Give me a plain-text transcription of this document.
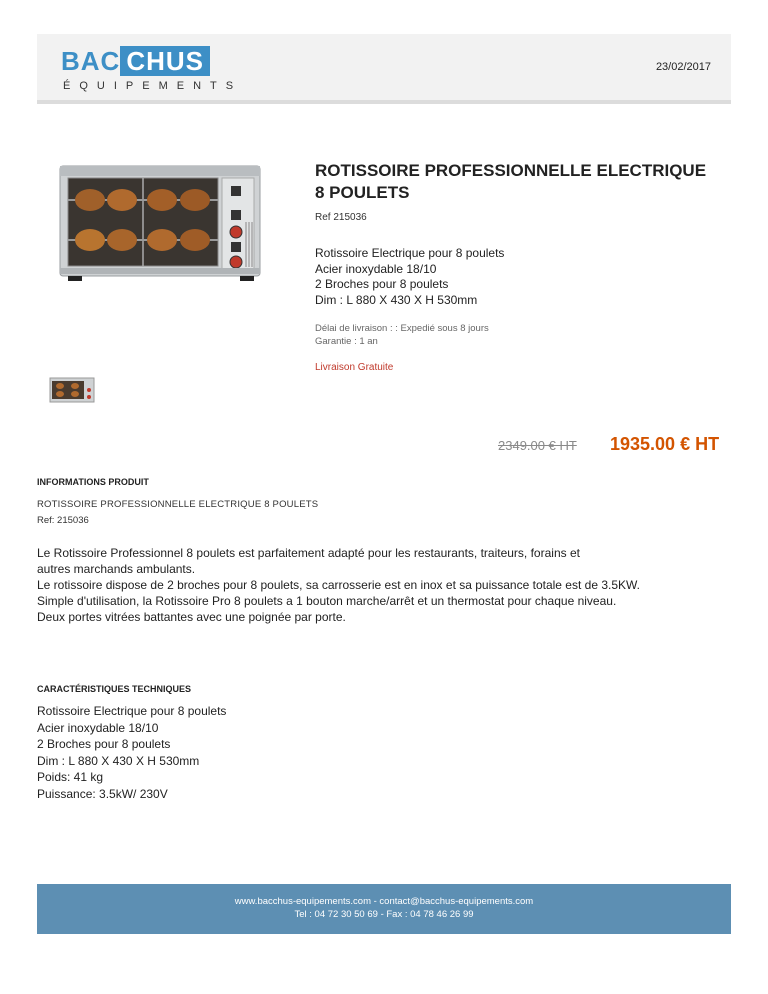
BAC CHUS
ÉQUIPEMENTS
23/02/2017
ROTISSOIRE PROFESSIONNELLE ELECTRIQUE
8 POULETS
Ref 215036
Rotissoire Electrique pour 8 poulets
Acier inoxydable 18/10
2 Broches pour 8 poulets
Dim : L 880 X 430 X H 530mm
Délai de livraison : : Expedié sous 8 jours
Garantie : 1 an
Livraison Gratuite
2349.00 € HT 1935.00 € HT
INFORMATIONS PRODUIT
ROTISSOIRE PROFESSIONNELLE ELECTRIQUE 8 POULETS
Ref: 215036

Le Rotissoire Professionnel 8 poulets est parfaitement adapté pour les restaurants, traiteurs, forains et

autres marchands ambulants.

Le rotissoire dispose de 2 broches pour 8 poulets, sa carrosserie est en inox et sa puissance totale est de 3.5KW.

Simple d'utilisation, la Rotissoire Pro 8 poulets a 1 bouton marche/arrêt et un thermostat pour chaque niveau.

Deux portes vitrées battantes avec une poignée par porte.

CARACTÉRISTIQUES TECHNIQUES
Rotissoire Electrique pour 8 poulets
Acier inoxydable 18/10
2 Broches pour 8 poulets
Dim : L 880 X 430 X H 530mm
Poids: 41 kg
Puissance: 3.5kW/ 230V
www.bacchus-equipements.com - contact@bacchus-equipements.com
Tel : 04 72 30 50 69 - Fax : 04 78 46 26 99
